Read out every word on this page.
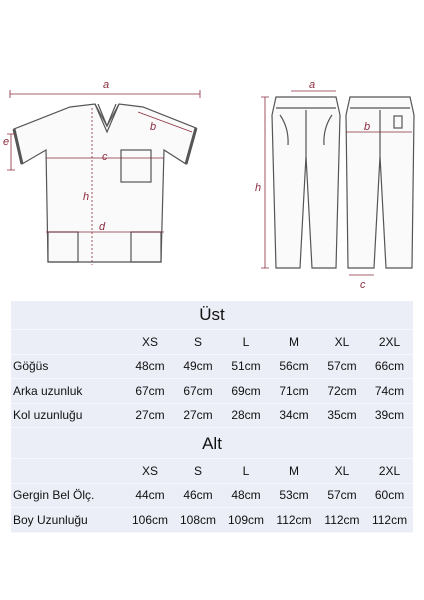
a
b
c
d
e
h
a
b
c
h
Üst						
	XS	S	L	M	XL	2XL
Göğüs	48cm	49cm	51cm	56cm	57cm	66cm
Arka uzunluk	67cm	67cm	69cm	71cm	72cm	74cm
Kol uzunluğu	27cm	27cm	28cm	34cm	35cm	39cm

Alt						
	XS	S	L	M	XL	2XL
Gergin Bel Ölç.	44cm	46cm	48cm	53cm	57cm	60cm
Boy Uzunluğu	106cm	108cm	109cm	112cm	112cm	112cm
